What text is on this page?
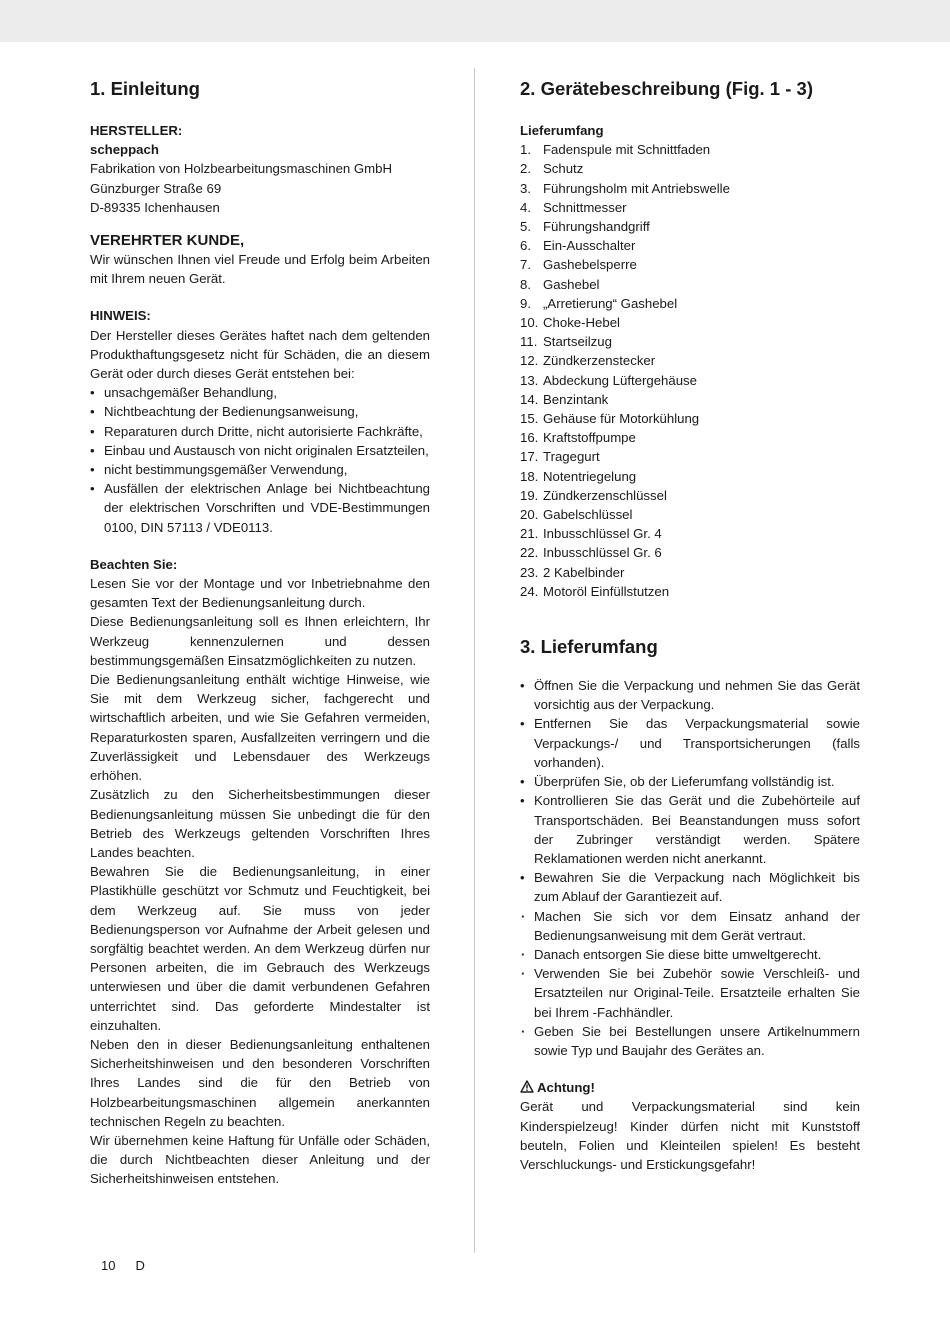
1. Einleitung

HERSTELLER:

scheppach

Fabrikation von Holzbearbeitungsmaschinen GmbH

Günzburger Straße 69

D-89335 Ichenhausen

VEREHRTER KUNDE,

Wir wünschen Ihnen viel Freude und Erfolg beim Arbeiten mit Ihrem neuen Gerät.

HINWEIS:

Der Hersteller dieses Gerätes haftet nach dem geltenden Produkthaftungsgesetz nicht für Schäden, die an diesem Gerät oder durch dieses Gerät entstehen bei:

• unsachgemäßer Behandlung,
• Nichtbeachtung der Bedienungsanweisung,
• Reparaturen durch Dritte, nicht autorisierte Fachkräfte,
• Einbau und Austausch von nicht originalen Ersatzteilen,
• nicht bestimmungsgemäßer Verwendung,
• Ausfällen der elektrischen Anlage bei Nichtbeachtung der elektrischen Vorschriften und VDE-Bestimmungen 0100, DIN 57113 / VDE0113.

Beachten Sie:

Lesen Sie vor der Montage und vor Inbetriebnahme den gesamten Text der Bedienungsanleitung durch.

Diese Bedienungsanleitung soll es Ihnen erleichtern, Ihr Werkzeug kennenzulernen und dessen bestimmungsgemäßen Einsatzmöglichkeiten zu nutzen.

Die Bedienungsanleitung enthält wichtige Hinweise, wie Sie mit dem Werkzeug sicher, fachgerecht und wirtschaftlich arbeiten, und wie Sie Gefahren vermeiden, Reparaturkosten sparen, Ausfallzeiten verringern und die Zuverlässigkeit und Lebensdauer des Werkzeugs erhöhen.

Zusätzlich zu den Sicherheitsbestimmungen dieser Bedienungsanleitung müssen Sie unbedingt die für den Betrieb des Werkzeugs geltenden Vorschriften Ihres Landes beachten.

Bewahren Sie die Bedienungsanleitung, in einer Plastikhülle geschützt vor Schmutz und Feuchtigkeit, bei dem Werkzeug auf. Sie muss von jeder Bedienungsperson vor Aufnahme der Arbeit gelesen und sorgfältig beachtet werden. An dem Werkzeug dürfen nur Personen arbeiten, die im Gebrauch des Werkzeugs unterwiesen und über die damit verbundenen Gefahren unterrichtet sind. Das geforderte Mindestalter ist einzuhalten.

Neben den in dieser Bedienungsanleitung enthaltenen Sicherheitshinweisen und den besonderen Vorschriften Ihres Landes sind die für den Betrieb von Holzbearbeitungsmaschinen allgemein anerkannten technischen Regeln zu beachten.

Wir übernehmen keine Haftung für Unfälle oder Schäden, die durch Nichtbeachten dieser Anleitung und der Sicherheitshinweisen entstehen.

2. Gerätebeschreibung (Fig. 1 - 3)

Lieferumfang

1. Fadenspule mit Schnittfaden
2. Schutz
3. Führungsholm mit Antriebswelle
4. Schnittmesser
5. Führungshandgriff
6. Ein-Ausschalter
7. Gashebelsperre
8. Gashebel
9. „Arretierung“ Gashebel
10. Choke-Hebel
11. Startseilzug
12. Zündkerzenstecker
13. Abdeckung Lüftergehäuse
14. Benzintank
15. Gehäuse für Motorkühlung
16. Kraftstoffpumpe
17. Tragegurt
18. Notentriegelung
19. Zündkerzenschlüssel
20. Gabelschlüssel
21. Inbusschlüssel Gr. 4
22. Inbusschlüssel Gr. 6
23. 2 Kabelbinder
24. Motoröl Einfüllstutzen
3. Lieferumfang
• Öffnen Sie die Verpackung und nehmen Sie das Gerät vorsichtig aus der Verpackung.
• Entfernen Sie das Verpackungsmaterial sowie Verpackungs-/ und Transportsicherungen (falls vorhanden).
• Überprüfen Sie, ob der Lieferumfang vollständig ist.
• Kontrollieren Sie das Gerät und die Zubehörteile auf Transportschäden. Bei Beanstandungen muss sofort der Zubringer verständigt werden. Spätere Reklamationen werden nicht anerkannt.
• Bewahren Sie die Verpackung nach Möglichkeit bis zum Ablauf der Garantiezeit auf.
· Machen Sie sich vor dem Einsatz anhand der Bedienungsanweisung mit dem Gerät vertraut.
· Danach entsorgen Sie diese bitte umweltgerecht.
· Verwenden Sie bei Zubehör sowie Verschleiß- und Ersatzteilen nur Original-Teile. Ersatzteile erhalten Sie bei Ihrem -Fachhändler.
· Geben Sie bei Bestellungen unsere Artikelnummern sowie Typ und Baujahr des Gerätes an.

Achtung!

Gerät und Verpackungsmaterial sind kein Kinderspielzeug! Kinder dürfen nicht mit Kunststoff beuteln, Folien und Kleinteilen spielen! Es besteht Verschluckungs- und Erstickungsgefahr!

10 D
